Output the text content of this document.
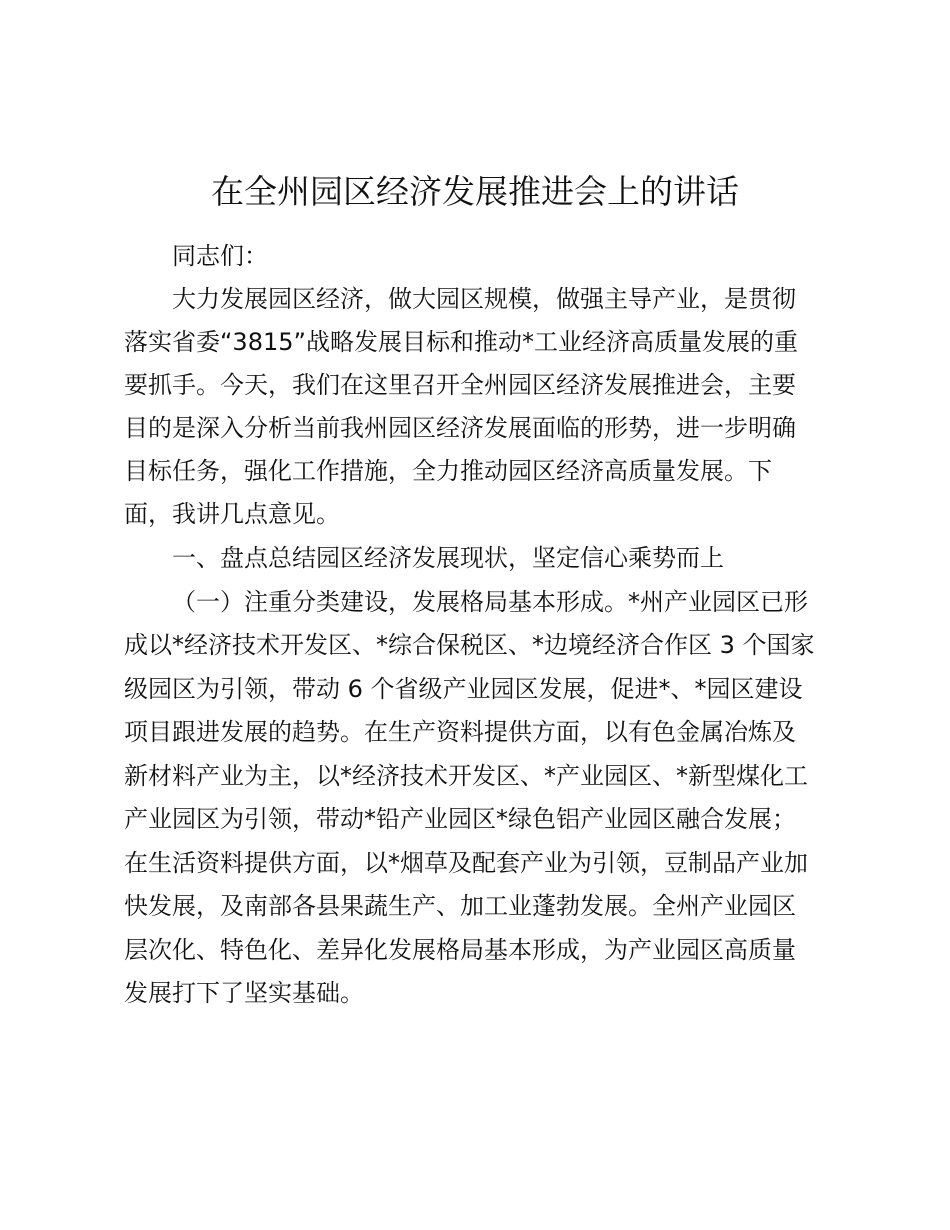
在全州园区经济发展推进会上的讲话
同志们：
大力发展园区经济，做大园区规模，做强主导产业，是贯彻
落实省委“3815”战略发展目标和推动*工业经济高质量发展的重
要抓手。今天，我们在这里召开全州园区经济发展推进会，主要
目的是深入分析当前我州园区经济发展面临的形势，进一步明确
目标任务，强化工作措施，全力推动园区经济高质量发展。下
面，我讲几点意见。
一、盘点总结园区经济发展现状，坚定信心乘势而上
（一）注重分类建设，发展格局基本形成。*州产业园区已形
成以*经济技术开发区、*综合保税区、*边境经济合作区 3 个国家
级园区为引领，带动 6 个省级产业园区发展，促进*、*园区建设
项目跟进发展的趋势。在生产资料提供方面，以有色金属冶炼及
新材料产业为主，以*经济技术开发区、*产业园区、*新型煤化工
产业园区为引领，带动*铅产业园区*绿色铝产业园区融合发展；
在生活资料提供方面，以*烟草及配套产业为引领，豆制品产业加
快发展，及南部各县果蔬生产、加工业蓬勃发展。全州产业园区
层次化、特色化、差异化发展格局基本形成，为产业园区高质量
发展打下了坚实基础。
